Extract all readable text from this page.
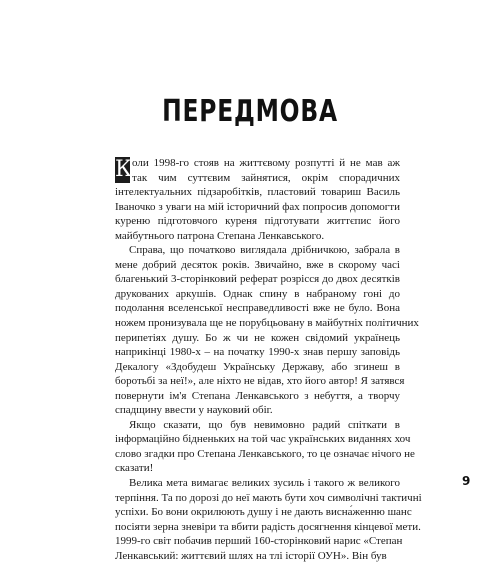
ПЕРЕДМОВА
К оли 1998-го стояв на життєвому розпутті й не мав аж
так чим суттєвим зайнятися, окрім спорадичних
інтелектуальних підзаробітків, пластовий товариш Василь
Іваночко з уваги на мій історичний фах попросив допомогти
куреню підготовчого куреня підготувати життєпис його
майбутнього патрона Степана Ленкавського.
Справа, що початково виглядала дрібничкою, забрала в
мене добрий десяток років. Звичайно, вже в скорому часі
благенький 3-сторінковий реферат розрісся до двох десятків
друкованих аркушів. Однак спину в набраному гоні до
подолання вселенської несправедливості вже не було. Вона
ножем пронизувала ще не порубцьовану в майбутніх політичних
перипетіях душу. Бо ж чи не кожен свідомий українець
наприкінці 1980-х – на початку 1990-х знав першу заповідь
Декалогу «Здобудеш Українську Державу, або згинеш в
боротьбі за неї!», але ніхто не відав, хто його автор! Я затявся
повернути ім'я Степана Ленкавського з небуття, а творчу
спадщину ввести у науковий обіг.
Якщо сказати, що був невимовно радий спіткати в
інформаційно бідненьких на той час українських виданнях хоч
слово згадки про Степана Ленкавського, то це означає нічого не
сказати!
Велика мета вимагає великих зусиль і такого ж великого
терпіння. Та по дорозі до неї мають бути хоч символічні тактичні
успіхи. Бо вони окрилюють душу і не дають висна́женню шанс
посіяти зерна зневіри та вбити радість досягнення кінцевої мети.
1999-го світ побачив перший 160-сторінковий нарис «Степан
Ленкавський: життєвий шлях на тлі історії ОУН». Він був
9
